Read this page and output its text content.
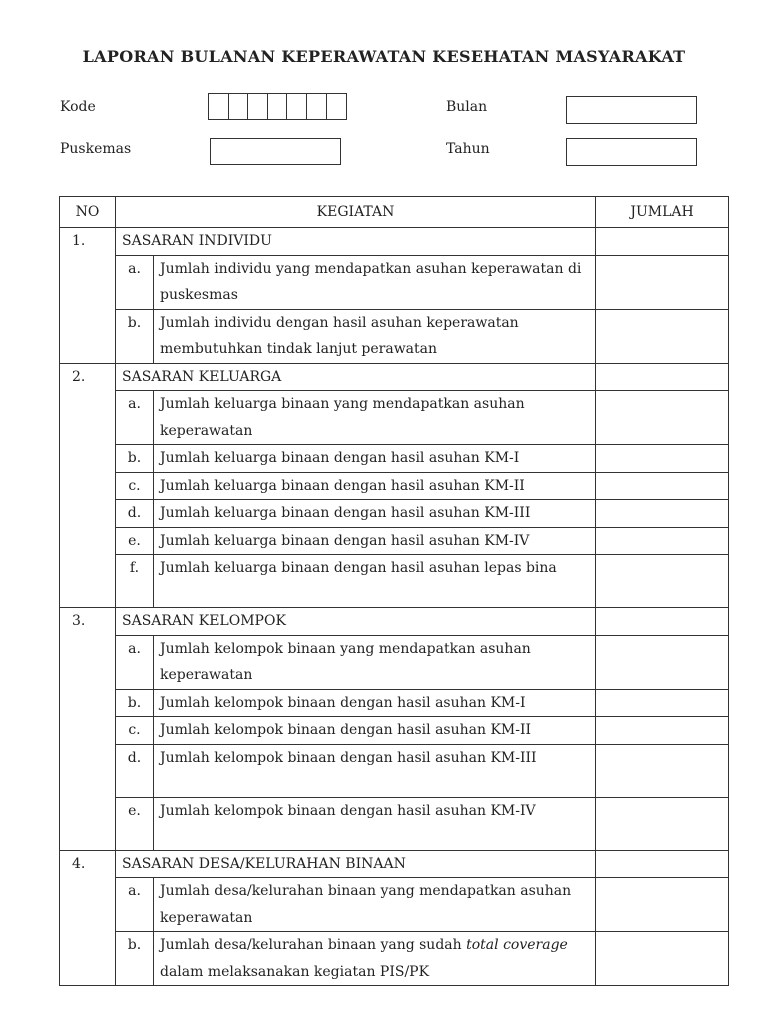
LAPORAN BULANAN KEPERAWATAN KESEHATAN MASYARAKAT
Kode
Puskemas
Bulan
Tahun
NO	KEGIATAN		JUMLAH
1.	SASARAN INDIVIDU		
	a.	Jumlah individu yang mendapatkan asuhan keperawatan di puskesmas	
	b.	Jumlah individu dengan hasil asuhan keperawatan membutuhkan tindak lanjut perawatan	
2.	SASARAN KELUARGA		
	a.	Jumlah keluarga binaan yang mendapatkan asuhan keperawatan	
	b.	Jumlah keluarga binaan dengan hasil asuhan KM-I	
	c.	Jumlah keluarga binaan dengan hasil asuhan KM-II	
	d.	Jumlah keluarga binaan dengan hasil asuhan KM-III	
	e.	Jumlah keluarga binaan dengan hasil asuhan KM-IV	
	f.	Jumlah keluarga binaan dengan hasil asuhan lepas bina	
3.	SASARAN KELOMPOK		
	a.	Jumlah kelompok binaan yang mendapatkan asuhan keperawatan	
	b.	Jumlah kelompok binaan dengan hasil asuhan KM-I	
	c.	Jumlah kelompok binaan dengan hasil asuhan KM-II	
	d.	Jumlah kelompok binaan dengan hasil asuhan KM-III	
	e.	Jumlah kelompok binaan dengan hasil asuhan KM-IV	
4.	SASARAN DESA/KELURAHAN BINAAN		
	a.	Jumlah desa/kelurahan binaan yang mendapatkan asuhan keperawatan	
	b.	Jumlah desa/kelurahan binaan yang sudah total coverage dalam melaksanakan kegiatan PIS/PK	
